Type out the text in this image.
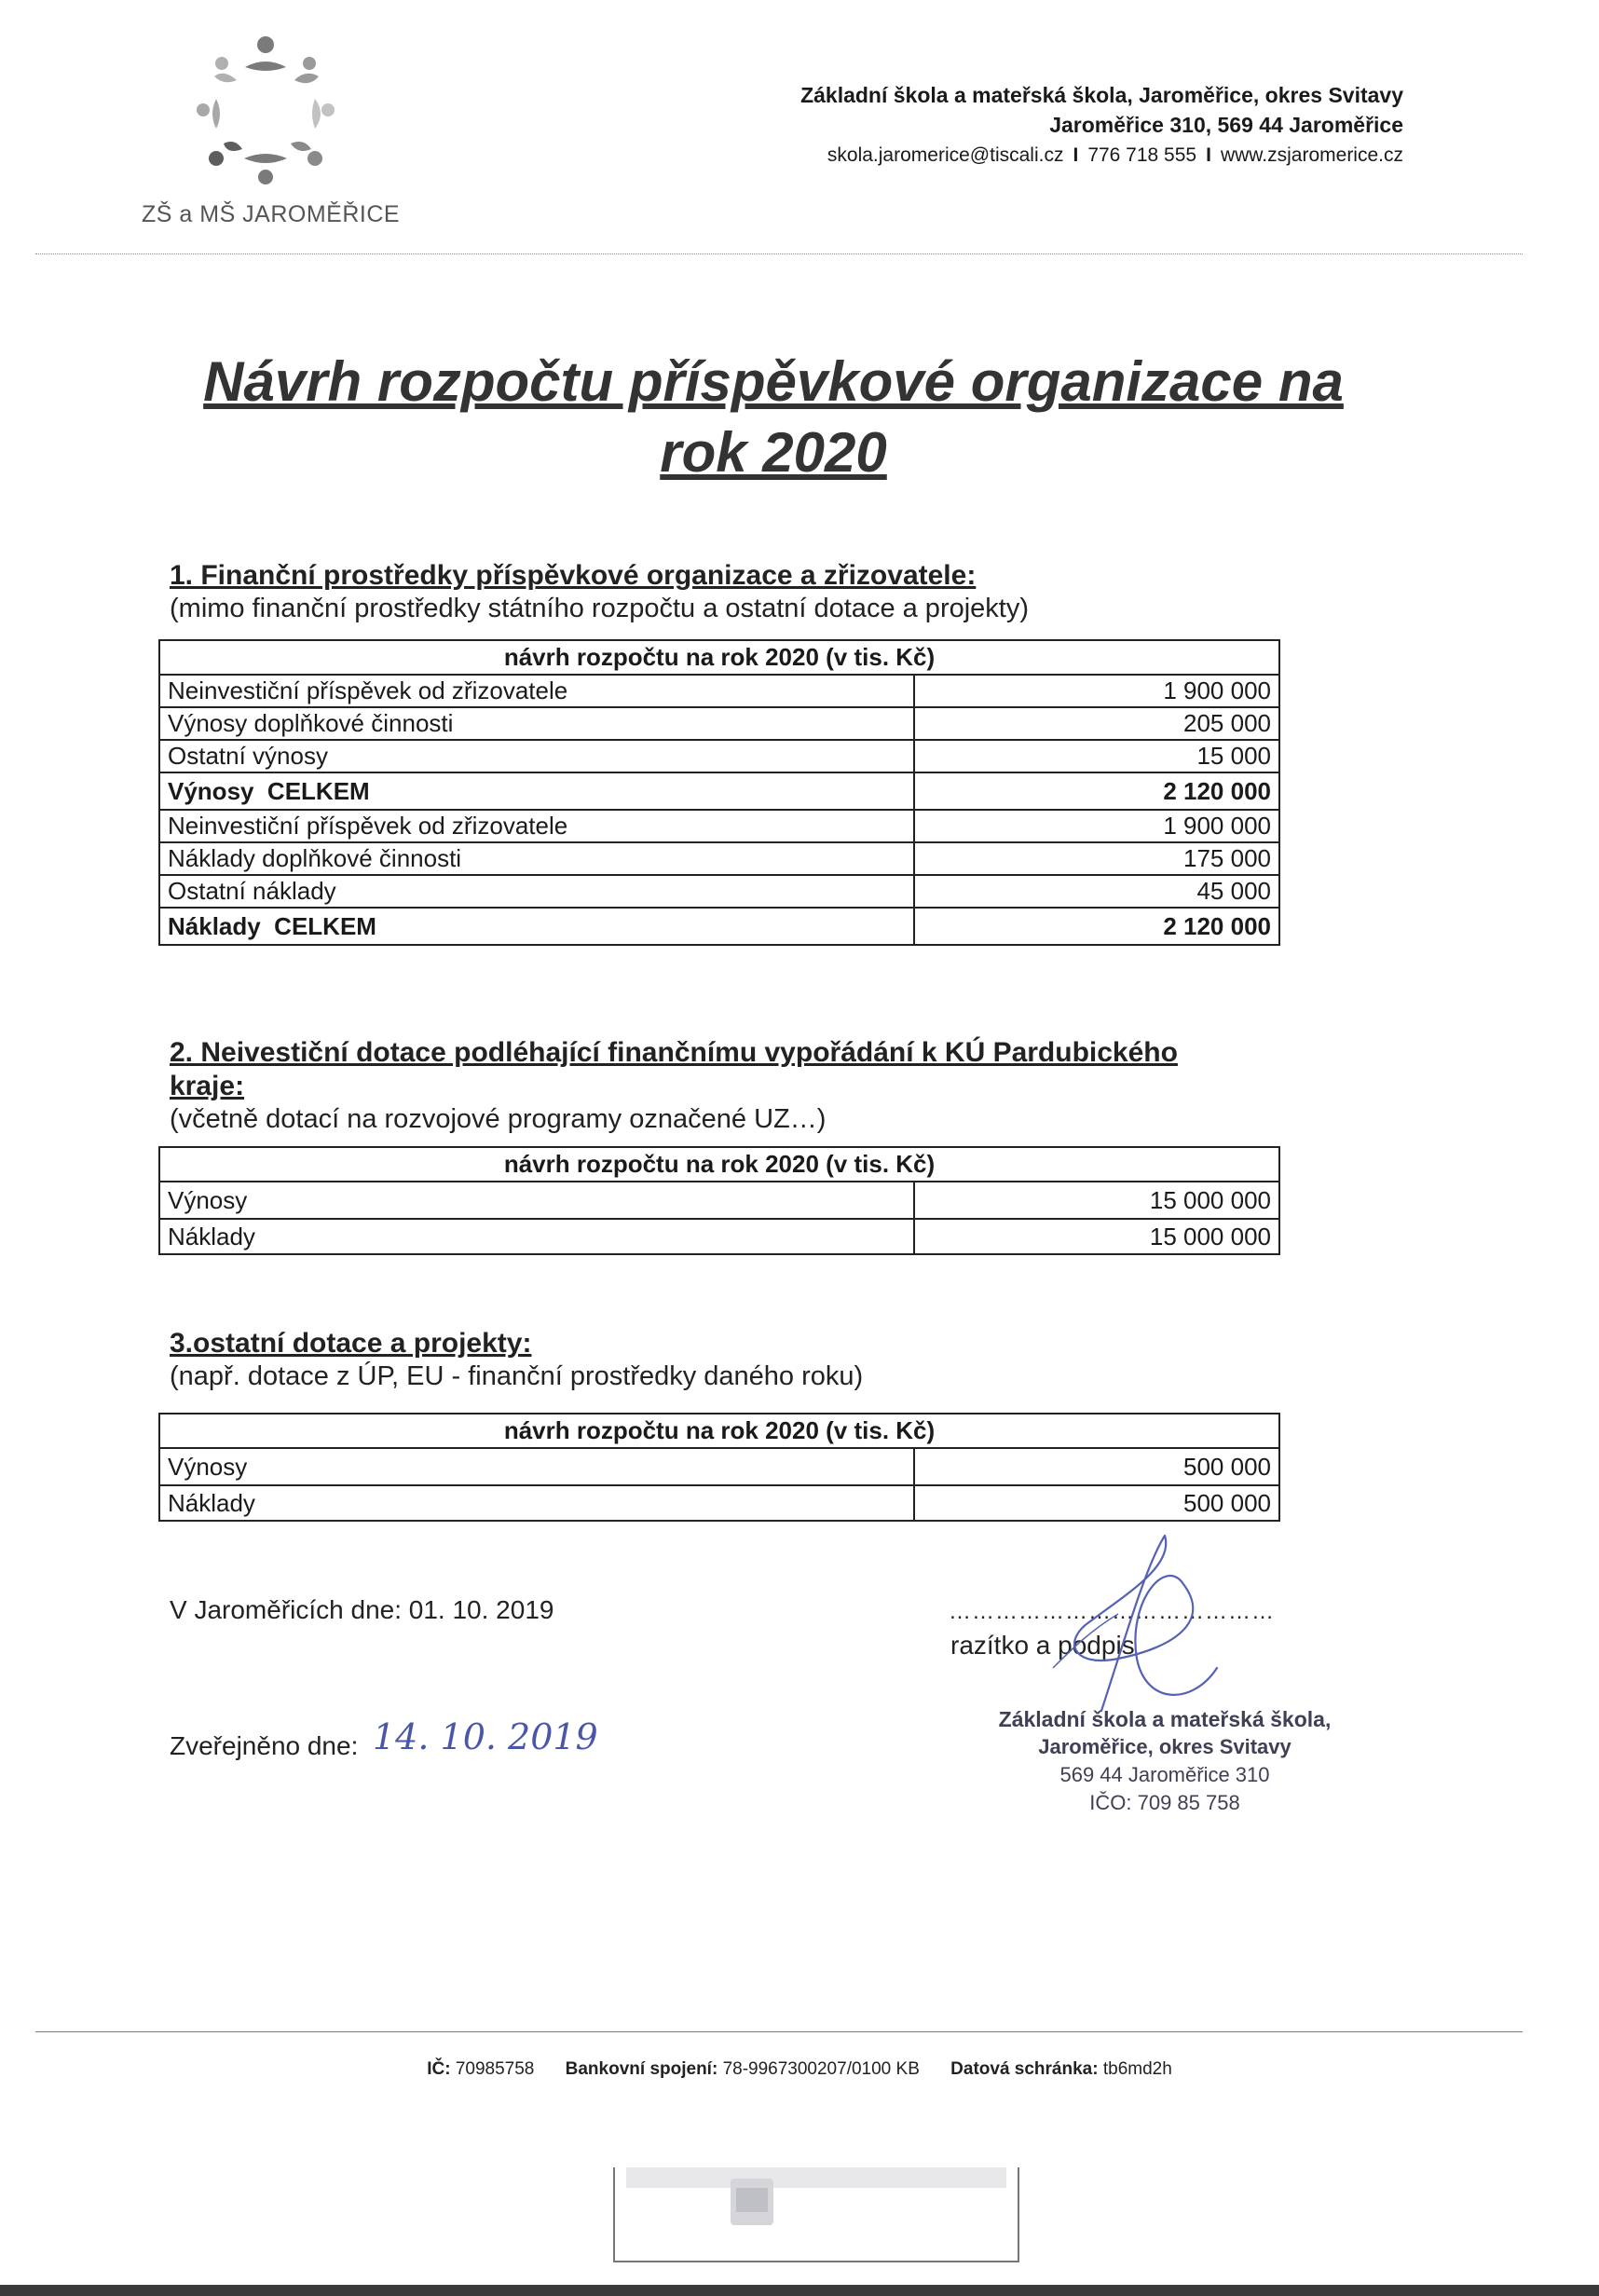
ZŠ a MŠ JAROMĚŘICE
Základní škola a mateřská škola, Jaroměřice, okres Svitavy
Jaroměřice 310, 569 44 Jaroměřice
skola.jaromerice@tiscali.cz I 776 718 555 I www.zsjaromerice.cz
Návrh rozpočtu příspěvkové organizace na
rok 2020
1. Finanční prostředky příspěvkové organizace a zřizovatele:
(mimo finanční prostředky státního rozpočtu a ostatní dotace a projekty)
návrh rozpočtu na rok 2020 (v tis. Kč)	
Neinvestiční příspěvek od zřizovatele	1 900 000
Výnosy doplňkové činnosti	205 000
Ostatní výnosy	15 000
Výnosy  CELKEM	2 120 000
Neinvestiční příspěvek od zřizovatele	1 900 000
Náklady doplňkové činnosti	175 000
Ostatní náklady	45 000
Náklady  CELKEM	2 120 000
2. Neivestiční dotace podléhající finančnímu vypořádání k KÚ Pardubického
kraje:
(včetně dotací na rozvojové programy označené UZ…)
návrh rozpočtu na rok 2020 (v tis. Kč)	
Výnosy	15 000 000
Náklady	15 000 000
3.ostatní dotace a projekty:
(např. dotace z ÚP, EU - finanční prostředky daného roku)
návrh rozpočtu na rok 2020 (v tis. Kč)	
Výnosy	500 000
Náklady	500 000
V Jaroměřicích dne: 01. 10. 2019	……………………………………
razítko a podpis
Zveřejněno dne: 14. 10. 2019	Základní škola a mateřská škola,
Jaroměřice, okres Svitavy
569 44 Jaroměřice 310
IČO: 709 85 758
IČ: 70985758 Bankovní spojení: 78-9967300207/0100 KB Datová schránka: tb6md2h
